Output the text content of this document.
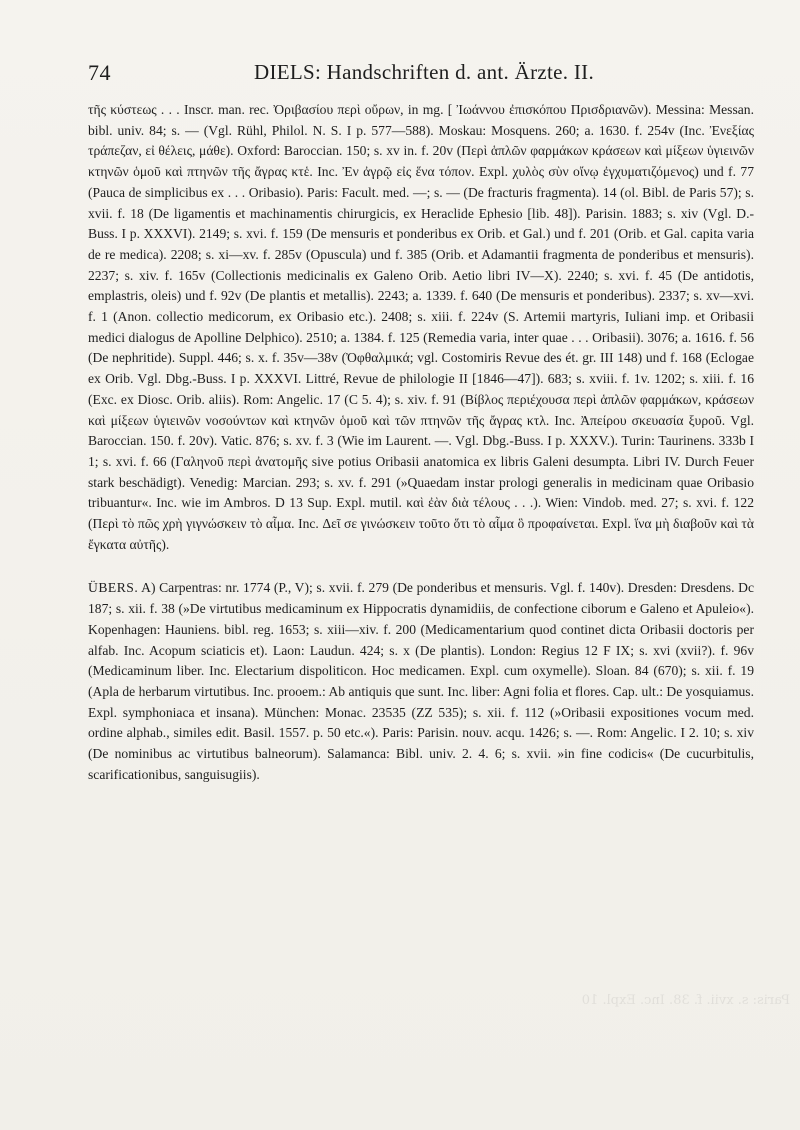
Paris: s. xvii. f. 38. Inc. Expl. 10
74	DIELS: Handschriften d. ant. Ärzte. II.

τῆς κύστεως . . . Inscr. man. rec. Ὀριβασίου περὶ οὔρων, in mg. [ Ἰωάννου ἐπισκόπου Πρισδριανῶν). Messina: Messan. bibl. univ. 84; s. — (Vgl. Rühl, Philol. N. S. I p. 577—588). Moskau: Mosquens. 260; a. 1630. f. 254v (Inc. Ἐνεξίας τράπεζαν, εἰ θέλεις, μάθε). Oxford: Baroccian. 150; s. xv in. f. 20v (Περὶ ἁπλῶν φαρμάκων κράσεων καὶ μίξεων ὑγιεινῶν κτηνῶν ὁμοῦ καὶ πτηνῶν τῆς ἄγρας κτἑ. Inc. Ἐν ἀγρῷ εἰς ἕνα τόπον. Expl. χυλὸς σὺν οἴνῳ ἐγχυματιζόμενος) und f. 77 (Pauca de simplicibus ex . . . Oribasio). Paris: Facult. med. —; s. — (De fracturis fragmenta). 14 (ol. Bibl. de Paris 57); s. xvii. f. 18 (De ligamentis et machinamentis chirurgicis, ex Heraclide Ephesio [lib. 48]). Parisin. 1883; s. xiv (Vgl. D.-Buss. I p. XXXVI). 2149; s. xvi. f. 159 (De mensuris et ponderibus ex Orib. et Gal.) und f. 201 (Orib. et Gal. capita varia de re medica). 2208; s. xi—xv. f. 285v (Opuscula) und f. 385 (Orib. et Adamantii fragmenta de ponderibus et mensuris). 2237; s. xiv. f. 165v (Collectionis medicinalis ex Galeno Orib. Aetio libri IV—X). 2240; s. xvi. f. 45 (De antidotis, emplastris, oleis) und f. 92v (De plantis et metallis). 2243; a. 1339. f. 640 (De mensuris et ponderibus). 2337; s. xv—xvi. f. 1 (Anon. collectio medicorum, ex Oribasio etc.). 2408; s. xiii. f. 224v (S. Artemii martyris, Iuliani imp. et Oribasii medici dialogus de Apolline Delphico). 2510; a. 1384. f. 125 (Remedia varia, inter quae . . . Oribasii). 3076; a. 1616. f. 56 (De nephritide). Suppl. 446; s. x. f. 35v—38v (Ὀφθαλμικά; vgl. Costomiris Revue des ét. gr. III 148) und f. 168 (Eclogae ex Orib. Vgl. Dbg.-Buss. I p. XXXVI. Littré, Revue de philologie II [1846—47]). 683; s. xviii. f. 1v. 1202; s. xiii. f. 16 (Exc. ex Diosc. Orib. aliis). Rom: Angelic. 17 (C 5. 4); s. xiv. f. 91 (Βίβλος περιέχουσα περὶ ἁπλῶν φαρμάκων, κράσεων καὶ μίξεων ὑγιεινῶν νοσούντων καὶ κτηνῶν ὁμοῦ καὶ τῶν πτηνῶν τῆς ἄγρας κτλ. Inc. Ἀπείρου σκευασία ξυροῦ. Vgl. Baroccian. 150. f. 20v). Vatic. 876; s. xv. f. 3 (Wie im Laurent. —. Vgl. Dbg.-Buss. I p. XXXV.). Turin: Taurinens. 333b I 1; s. xvi. f. 66 (Γαληνοῦ περὶ ἀνατομῆς sive potius Oribasii anatomica ex libris Galeni desumpta. Libri IV. Durch Feuer stark beschädigt). Venedig: Marcian. 293; s. xv. f. 291 (»Quaedam instar prologi generalis in medicinam quae Oribasio tribuantur«. Inc. wie im Ambros. D 13 Sup. Expl. mutil. καὶ ἐὰν διὰ τέλους . . .). Wien: Vindob. med. 27; s. xvi. f. 122 (Περὶ τὸ πῶς χρὴ γιγνώσκειν τὸ αἷμα. Inc. Δεῖ σε γινώσκειν τοῦτο ὅτι τὸ αἷμα ὃ προφαίνεται. Expl. ἵνα μὴ διαβοῦν καὶ τὰ ἔγκατα αὐτῆς).

ÜBERS. A) Carpentras: nr. 1774 (P., V); s. xvii. f. 279 (De ponderibus et mensuris. Vgl. f. 140v). Dresden: Dresdens. Dc 187; s. xii. f. 38 (»De virtutibus medicaminum ex Hippocratis dynamidiis, de confectione ciborum e Galeno et Apuleio«). Kopenhagen: Hauniens. bibl. reg. 1653; s. xiii—xiv. f. 200 (Medicamentarium quod continet dicta Oribasii doctoris per alfab. Inc. Acopum sciaticis et). Laon: Laudun. 424; s. x (De plantis). London: Regius 12 F IX; s. xvi (xvii?). f. 96v (Medicaminum liber. Inc. Electarium dispoliticon. Hoc medicamen. Expl. cum oxymelle). Sloan. 84 (670); s. xii. f. 19 (Apla de herbarum virtutibus. Inc. prooem.: Ab antiquis que sunt. Inc. liber: Agni folia et flores. Cap. ult.: De yosquiamus. Expl. symphoniaca et insana). München: Monac. 23535 (ZZ 535); s. xii. f. 112 (»Oribasii expositiones vocum med. ordine alphab., similes edit. Basil. 1557. p. 50 etc.«). Paris: Parisin. nouv. acqu. 1426; s. —. Rom: Angelic. I 2. 10; s. xiv (De nominibus ac virtutibus balneorum). Salamanca: Bibl. univ. 2. 4. 6; s. xvii. »in fine codicis« (De cucurbitulis, scarificationibus, sanguisugiis).
